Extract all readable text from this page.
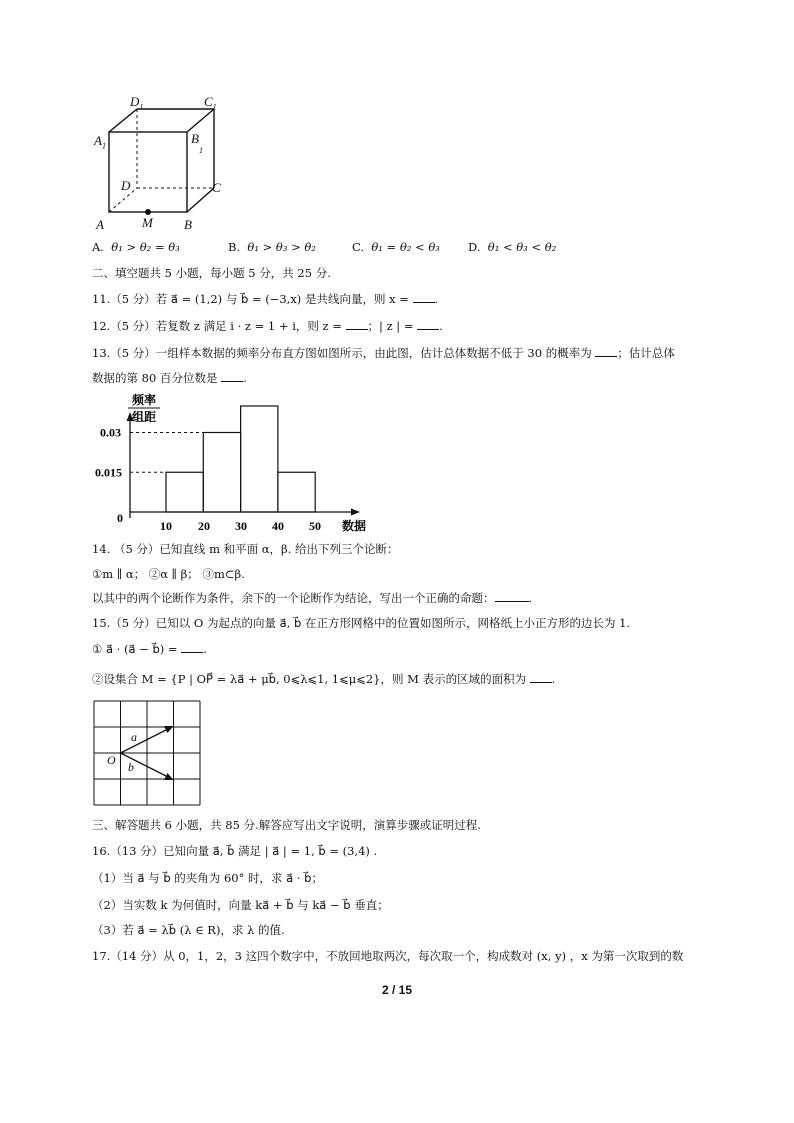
$D_1$	$C_1$
$A_1$
$B_1$
D	C
A	M B
A. θ₁ > θ₂ = θ₃	B. θ₁ > θ₃ > θ₂	C. θ₁ = θ₂ < θ₃ D. θ₁ < θ₃ < θ₂
二、填空题共 5 小题，每小题 5 分，共 25 分.
11.（5 分）若 a⃗ = (1,2) 与 b⃗ = (−3,x) 是共线向量，则 x = .
12.（5 分）若复数 z 满足 i · z = 1 + i，则 z = ；| z | = .
13.（5 分）一组样本数据的频率分布直方图如图所示，由此图，估计总体数据不低于 30 的概率为 ；估计总体
数据的第 80 百分位数是 .
频率
组距
0
0.015
0.03
10 20 30 40 50 数据
14. （5 分）已知直线 m 和平面 α，β. 给出下列三个论断：
①m ∥ α； ②α ∥ β； ③m⊂β.
以其中的两个论断作为条件，余下的一个论断作为结论，写出一个正确的命题：	.
15.（5 分）已知以 O 为起点的向量 a⃗, b⃗ 在正方形网格中的位置如图所示，网格纸上小正方形的边长为 1.
① a⃗ · (a⃗ − b⃗) = .
②设集合 M = {P | OP⃗ = λa⃗ + μb⃗, 0⩽λ⩽1, 1⩽μ⩽2}，则 M 表示的区域的面积为 .
O
a
b
三、解答题共 6 小题，共 85 分.解答应写出文字说明，演算步骤或证明过程.
16.（13 分）已知向量 a⃗, b⃗ 满足 | a⃗ | = 1, b⃗ = (3,4) .
（1）当 a⃗ 与 b⃗ 的夹角为 60° 时，求 a⃗ · b⃗；
（2）当实数 k 为何值时，向量 ka⃗ + b⃗ 与 ka⃗ − b⃗ 垂直；
（3）若 a⃗ = λb⃗ (λ ∈ R)，求 λ 的值.
17.（14 分）从 0，1，2，3 这四个数字中，不放回地取两次，每次取一个，构成数对 (x, y) ，x 为第一次取到的数
2 / 15
